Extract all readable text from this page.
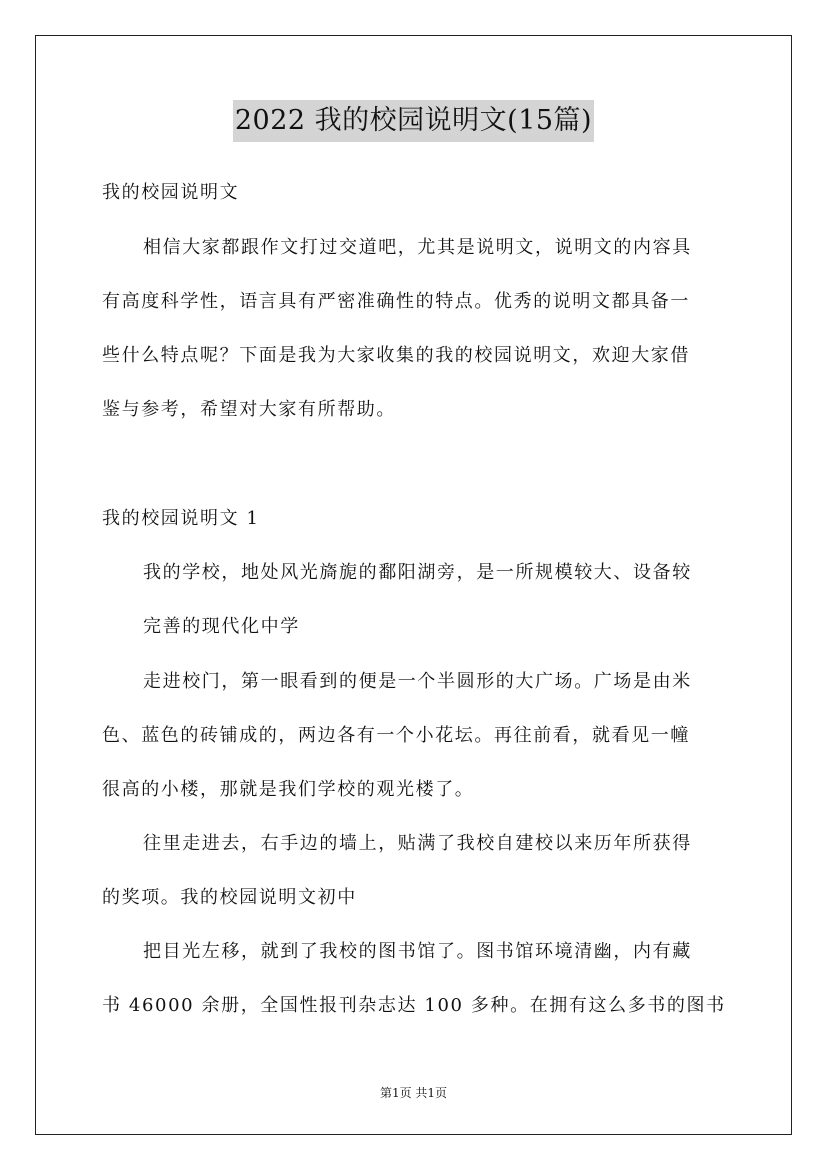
2022 我的校园说明文(15篇)
我的校园说明文
相信大家都跟作文打过交道吧，尤其是说明文，说明文的内容具
有高度科学性，语言具有严密准确性的特点。优秀的说明文都具备一
些什么特点呢？下面是我为大家收集的我的校园说明文，欢迎大家借
鉴与参考，希望对大家有所帮助。
我的校园说明文 1
我的学校，地处风光旖旎的鄱阳湖旁，是一所规模较大、设备较
完善的现代化中学
走进校门，第一眼看到的便是一个半圆形的大广场。广场是由米
色、蓝色的砖铺成的，两边各有一个小花坛。再往前看，就看见一幢
很高的小楼，那就是我们学校的观光楼了。
往里走进去，右手边的墙上，贴满了我校自建校以来历年所获得
的奖项。我的校园说明文初中
把目光左移，就到了我校的图书馆了。图书馆环境清幽，内有藏
书 46000 余册，全国性报刊杂志达 100 多种。在拥有这么多书的图书
第1页 共1页
